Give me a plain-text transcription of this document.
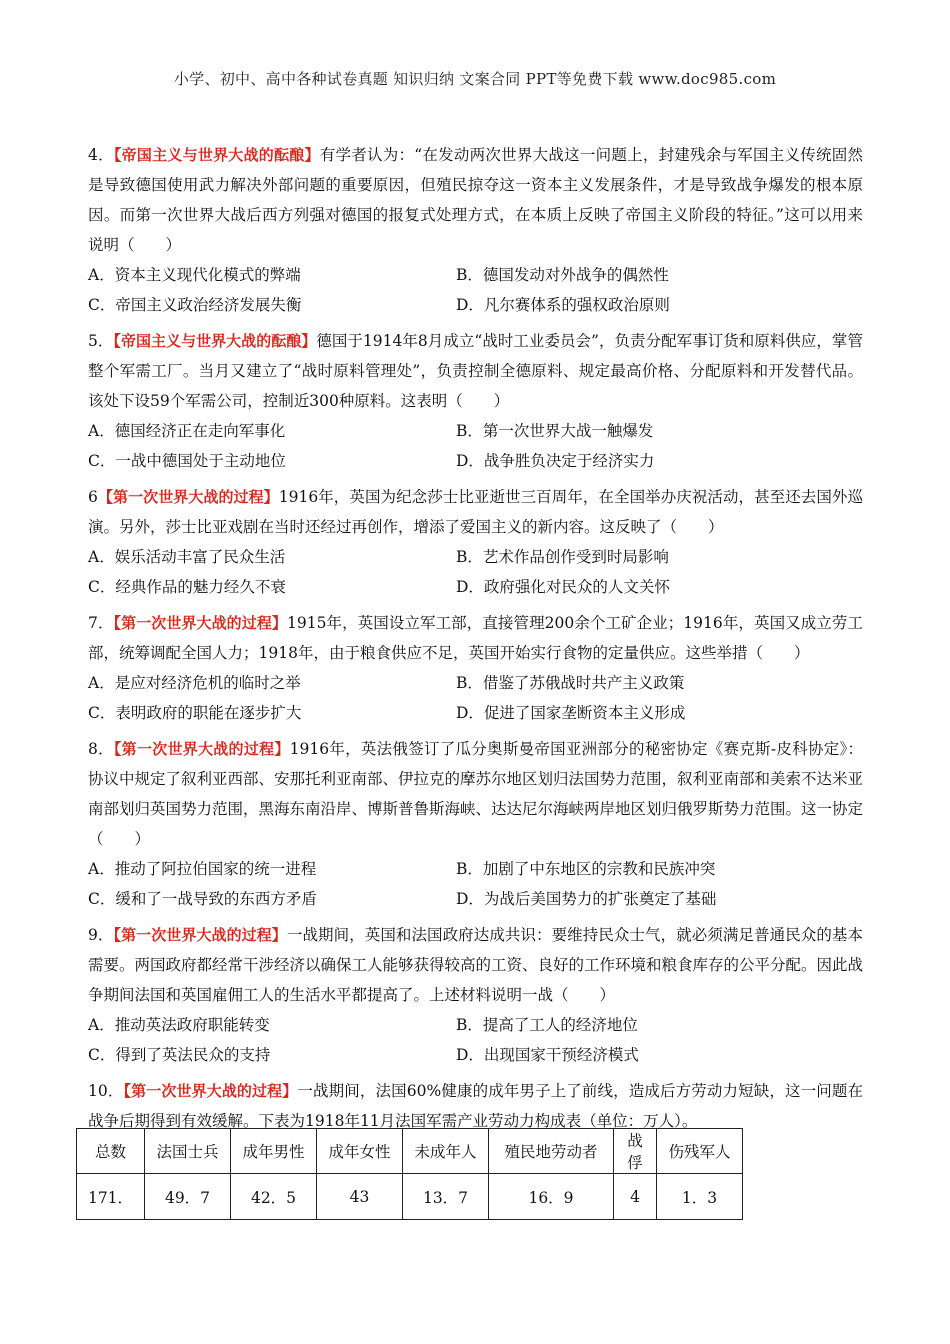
小学、初中、高中各种试卷真题 知识归纳 文案合同 PPT等免费下载 www.doc985.com
4．【帝国主义与世界大战的酝酿】有学者认为：“在发动两次世界大战这一问题上，封建残余与军国主义传统固然是导致德国使用武力解决外部问题的重要原因，但殖民掠夺这一资本主义发展条件，才是导致战争爆发的根本原因。而第一次世界大战后西方列强对德国的报复式处理方式，在本质上反映了帝国主义阶段的特征。”这可以用来说明（　　）
A．资本主义现代化模式的弊端	B．德国发动对外战争的偶然性
C．帝国主义政治经济发展失衡	D．凡尔赛体系的强权政治原则
5．【帝国主义与世界大战的酝酿】德国于1914年8月成立“战时工业委员会”，负责分配军事订货和原料供应，掌管整个军需工厂。当月又建立了“战时原料管理处”，负责控制全德原料、规定最高价格、分配原料和开发替代品。该处下设59个军需公司，控制近300种原料。这表明（　　）
A．德国经济正在走向军事化	B．第一次世界大战一触爆发
C．一战中德国处于主动地位	D．战争胜负决定于经济实力
6【第一次世界大战的过程】1916年，英国为纪念莎士比亚逝世三百周年，在全国举办庆祝活动，甚至还去国外巡演。另外，莎士比亚戏剧在当时还经过再创作，增添了爱国主义的新内容。这反映了（　　）
A．娱乐活动丰富了民众生活	B．艺术作品创作受到时局影响
C．经典作品的魅力经久不衰	D．政府强化对民众的人文关怀
7．【第一次世界大战的过程】1915年，英国设立军工部，直接管理200余个工矿企业；1916年，英国又成立劳工部，统筹调配全国人力；1918年，由于粮食供应不足，英国开始实行食物的定量供应。这些举措（　　）
A．是应对经济危机的临时之举	B．借鉴了苏俄战时共产主义政策
C．表明政府的职能在逐步扩大	D．促进了国家垄断资本主义形成
8．【第一次世界大战的过程】1916年，英法俄签订了瓜分奥斯曼帝国亚洲部分的秘密协定《赛克斯-皮科协定》：协议中规定了叙利亚西部、安那托利亚南部、伊拉克的摩苏尔地区划归法国势力范围，叙利亚南部和美索不达米亚南部划归英国势力范围，黑海东南沿岸、博斯普鲁斯海峡、达达尼尔海峡两岸地区划归俄罗斯势力范围。这一协定（　　）
A．推动了阿拉伯国家的统一进程	B．加剧了中东地区的宗教和民族冲突
C．缓和了一战导致的东西方矛盾	D．为战后美国势力的扩张奠定了基础
9．【第一次世界大战的过程】一战期间，英国和法国政府达成共识：要维持民众士气，就必须满足普通民众的基本需要。两国政府都经常干涉经济以确保工人能够获得较高的工资、良好的工作环境和粮食库存的公平分配。因此战争期间法国和英国雇佣工人的生活水平都提高了。上述材料说明一战（　　）
A．推动英法政府职能转变	B．提高了工人的经济地位
C．得到了英法民众的支持	D．出现国家干预经济模式
10．【第一次世界大战的过程】一战期间，法国60%健康的成年男子上了前线，造成后方劳动力短缺，这一问题在战争后期得到有效缓解。下表为1918年11月法国军需产业劳动力构成表（单位：万人）。
总数	法国士兵	成年男性	成年女性	未成年人	殖民地劳动者	战俘	伤残军人
171．	49．7	42．5	43	13．7	16．9	4	1．3
